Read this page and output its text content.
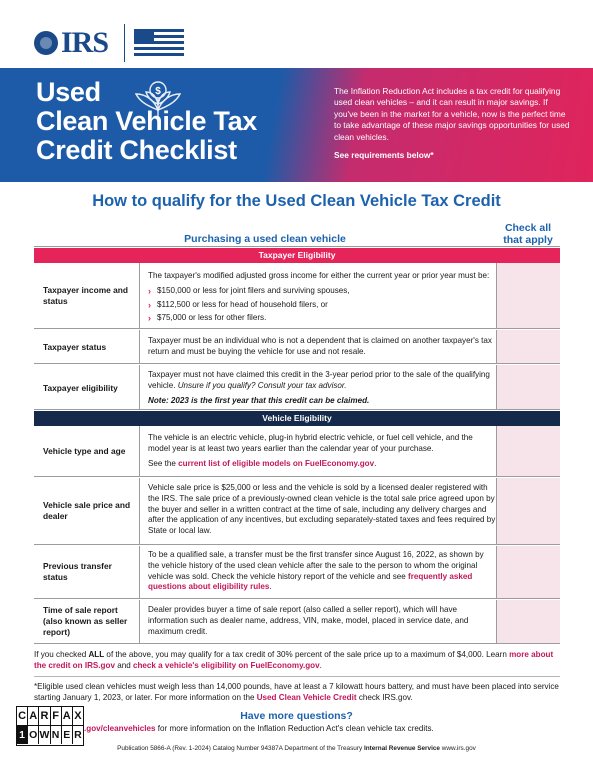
IRS
Used
Clean Vehicle Tax
Credit Checklist
$	The Inflation Reduction Act includes a tax credit for qualifying used clean vehicles – and it can result in major savings. If you've been in the market for a vehicle, now is the perfect time to take advantage of these major savings opportunities for used clean vehicles.
See requirements below*
How to qualify for the Used Clean Vehicle Tax Credit
Purchasing a used clean vehicle
Check all that apply
Taxpayer Eligibility
Taxpayer income and status

The taxpayer's modified adjusted gross income for either the current year or prior year must be:

› $150,000 or less for joint filers and surviving spouses,
› $112,500 or less for head of household filers, or
› $75,000 or less for other filers.
Taxpayer status
Taxpayer must be an individual who is not a dependent that is claimed on another taxpayer's tax return and must be buying the vehicle for use and not resale.
Taxpayer eligibility

Taxpayer must not have claimed this credit in the 3-year period prior to the sale of the qualifying vehicle. Unsure if you qualify? Consult your tax advisor.

Note: 2023 is the first year that this credit can be claimed.

Vehicle Eligibility
Vehicle type and age

The vehicle is an electric vehicle, plug-in hybrid electric vehicle, or fuel cell vehicle, and the model year is at least two years earlier than the calendar year of your purchase.

See the current list of eligible models on FuelEconomy.gov.

Vehicle sale price and dealer
Vehicle sale price is $25,000 or less and the vehicle is sold by a licensed dealer registered with the IRS. The sale price of a previously-owned clean vehicle is the total sale price agreed upon by the buyer and seller in a written contract at the time of sale, including any delivery charges and after the application of any incentives, but excluding separately-stated taxes and fees required by State or local law.
Previous transfer status
To be a qualified sale, a transfer must be the first transfer since August 16, 2022, as shown by the vehicle history of the used clean vehicle after the sale to the person to whom the original vehicle was sold. Check the vehicle history report of the vehicle and see frequently asked questions about eligibility rules.
Time of sale report (also known as seller report)
Dealer provides buyer a time of sale report (also called a seller report), which will have information such as dealer name, address, VIN, make, model, placed in service date, and maximum credit.
If you checked ALL of the above, you may qualify for a tax credit of 30% percent of the sale price up to a maximum of $4,000. Learn more about the credit on IRS.gov and check a vehicle's eligibility on FuelEconomy.gov.
*Eligible used clean vehicles must weigh less than 14,000 pounds, have at least a 7 kilowatt hours battery, and must have been placed into service starting January 1, 2023, or later. For more information on the Used Clean Vehicle Credit check IRS.gov.
Have more questions?
.gov/cleanvehicles for more information on the Inflation Reduction Act's clean vehicle tax credits.
C A R F A X
1 O W N E R
Publication 5866-A (Rev. 1-2024) Catalog Number 94387A Department of the Treasury Internal Revenue Service www.irs.gov
